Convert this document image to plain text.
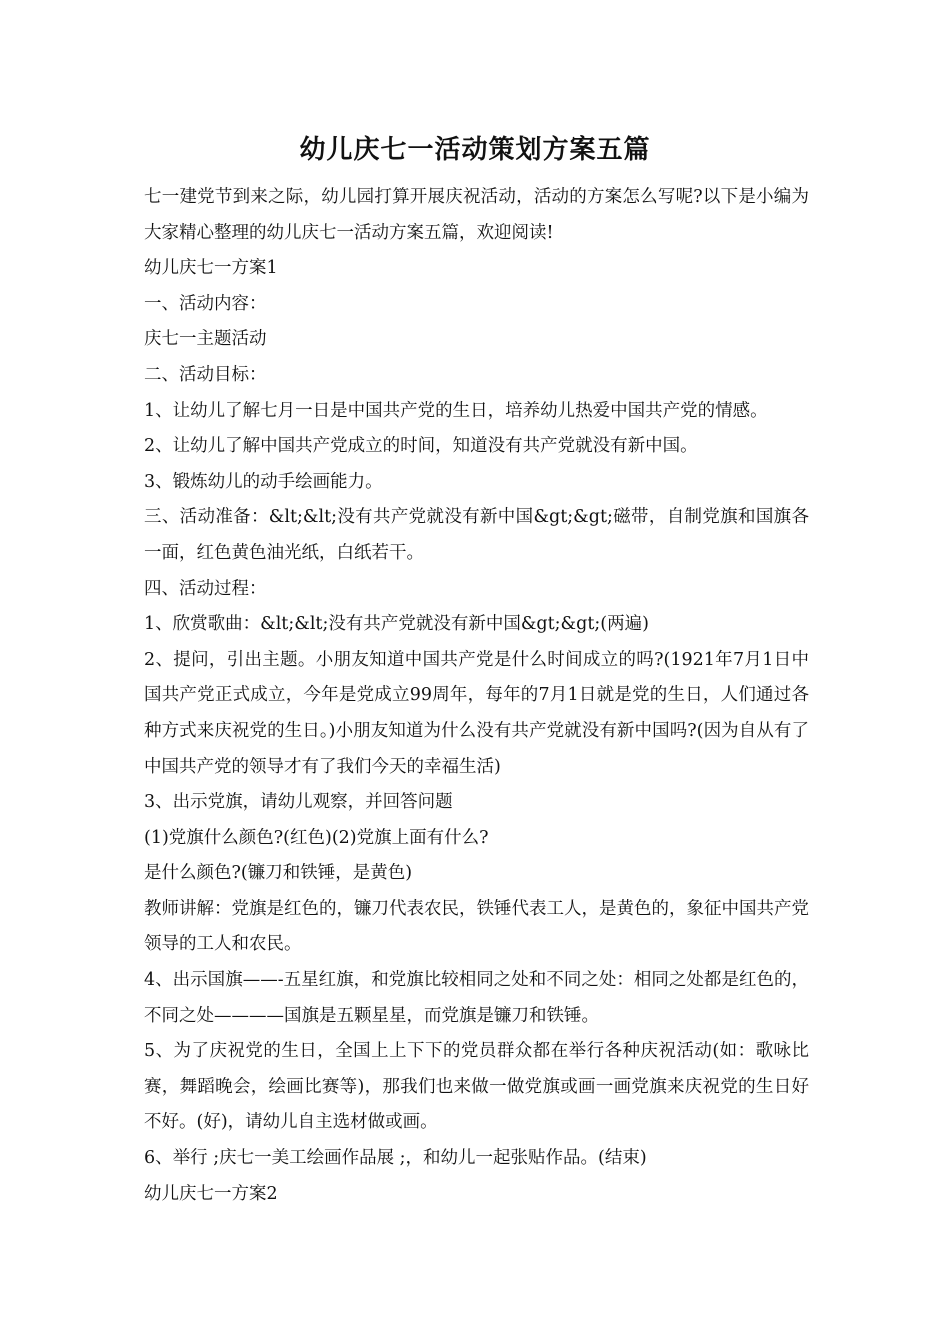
幼儿庆七一活动策划方案五篇

七一建党节到来之际，幼儿园打算开展庆祝活动，活动的方案怎么写呢?以下是小编为大家精心整理的幼儿庆七一活动方案五篇，欢迎阅读!

幼儿庆七一方案1

一、活动内容：

庆七一主题活动

二、活动目标：

1、让幼儿了解七月一日是中国共产党的生日，培养幼儿热爱中国共产党的情感。

2、让幼儿了解中国共产党成立的时间，知道没有共产党就没有新中国。

3、锻炼幼儿的动手绘画能力。

三、活动准备：&lt;&lt;没有共产党就没有新中国&gt;&gt;磁带，自制党旗和国旗各一面，红色黄色油光纸，白纸若干。

四、活动过程：

1、欣赏歌曲：&lt;&lt;没有共产党就没有新中国&gt;&gt;(两遍)

2、提问，引出主题。小朋友知道中国共产党是什么时间成立的吗?(1921年7月1日中国共产党正式成立，今年是党成立99周年，每年的7月1日就是党的生日，人们通过各种方式来庆祝党的生日。)小朋友知道为什么没有共产党就没有新中国吗?(因为自从有了中国共产党的领导才有了我们今天的幸福生活)

3、出示党旗，请幼儿观察，并回答问题

(1)党旗什么颜色?(红色)(2)党旗上面有什么?

是什么颜色?(镰刀和铁锤，是黄色)

教师讲解：党旗是红色的，镰刀代表农民，铁锤代表工人，是黄色的，象征中国共产党领导的工人和农民。

4、出示国旗——-五星红旗，和党旗比较相同之处和不同之处：相同之处都是红色的，不同之处————国旗是五颗星星，而党旗是镰刀和铁锤。

5、为了庆祝党的生日，全国上上下下的党员群众都在举行各种庆祝活动(如：歌咏比赛，舞蹈晚会，绘画比赛等)，那我们也来做一做党旗或画一画党旗来庆祝党的生日好不好。(好)，请幼儿自主选材做或画。

6、举行 ;庆七一美工绘画作品展 ;，和幼儿一起张贴作品。(结束)

幼儿庆七一方案2
